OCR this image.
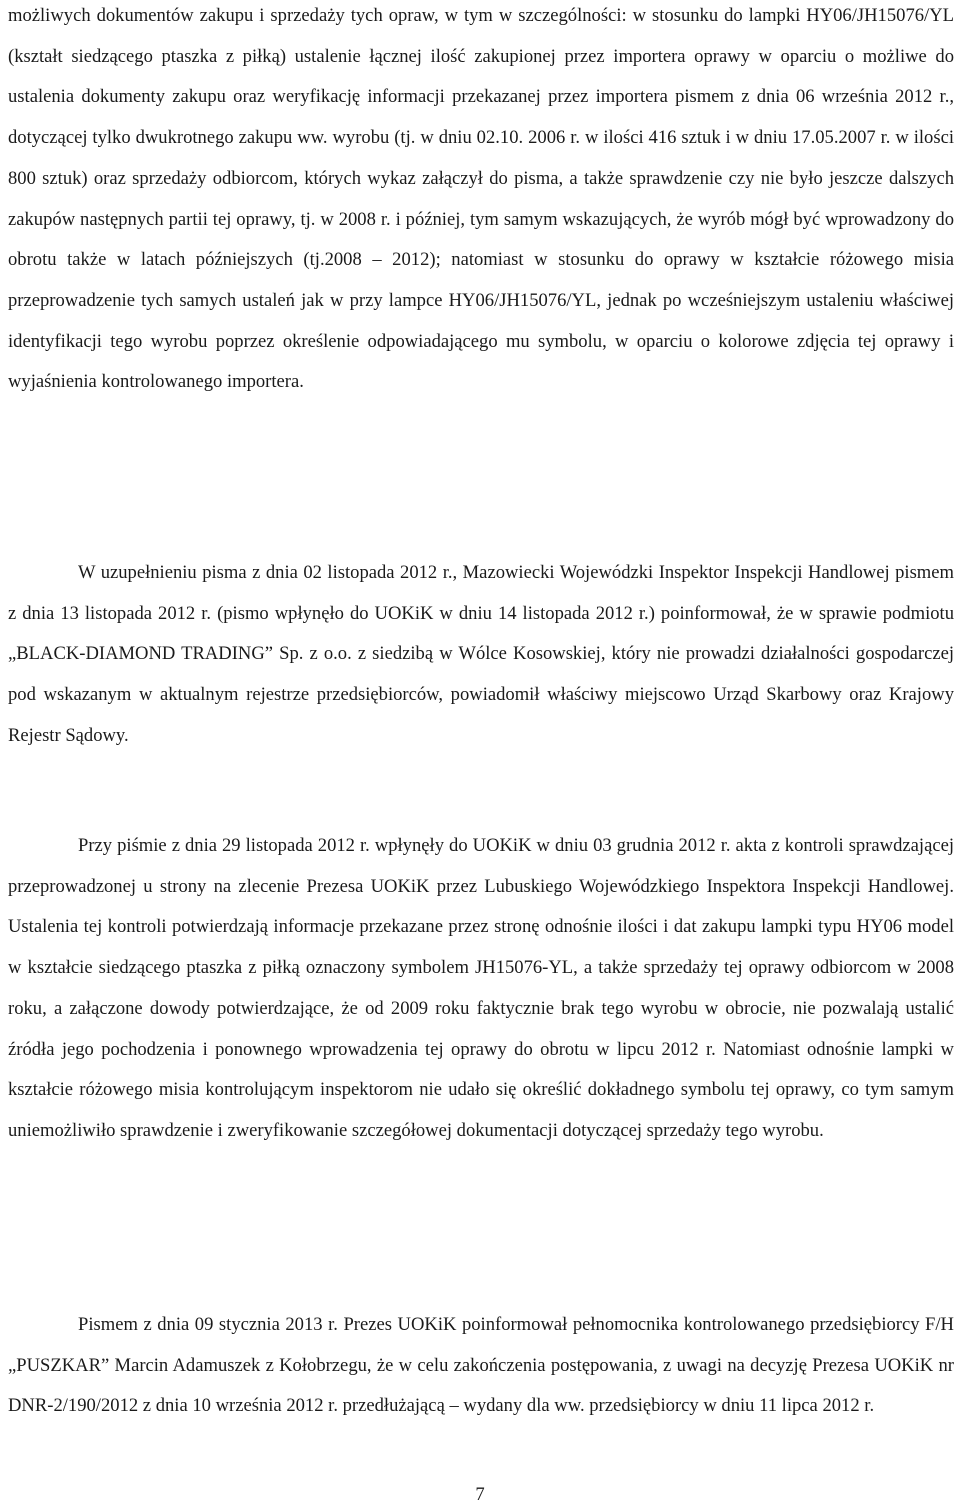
możliwych dokumentów zakupu i sprzedaży tych opraw, w tym w szczególności: w stosunku do lampki HY06/JH15076/YL (kształt siedzącego ptaszka z piłką) ustalenie łącznej ilość zakupionej przez importera oprawy w oparciu o możliwe do ustalenia dokumenty zakupu oraz weryfikację informacji przekazanej przez importera pismem z dnia 06 września 2012 r., dotyczącej tylko dwukrotnego zakupu ww. wyrobu (tj. w dniu 02.10. 2006 r. w ilości 416 sztuk i w dniu 17.05.2007 r. w ilości 800 sztuk) oraz sprzedaży odbiorcom, których wykaz załączył do pisma, a także sprawdzenie czy nie było jeszcze dalszych zakupów następnych partii tej oprawy, tj. w 2008 r. i później, tym samym wskazujących, że wyrób mógł być wprowadzony do obrotu także w latach późniejszych (tj.2008 – 2012); natomiast w stosunku do oprawy w kształcie różowego misia przeprowadzenie tych samych ustaleń jak w przy lampce HY06/JH15076/YL, jednak po wcześniejszym ustaleniu właściwej identyfikacji tego wyrobu poprzez określenie odpowiadającego mu symbolu, w oparciu o kolorowe zdjęcia tej oprawy i wyjaśnienia kontrolowanego importera.

W uzupełnieniu pisma z dnia 02 listopada 2012 r., Mazowiecki Wojewódzki Inspektor Inspekcji Handlowej pismem z dnia 13 listopada 2012 r. (pismo wpłynęło do UOKiK w dniu 14 listopada 2012 r.) poinformował, że w sprawie podmiotu „BLACK-DIAMOND TRADING” Sp. z o.o. z siedzibą w Wólce Kosowskiej, który nie prowadzi działalności gospodarczej pod wskazanym w aktualnym rejestrze przedsiębiorców, powiadomił właściwy miejscowo Urząd Skarbowy oraz Krajowy Rejestr Sądowy.

Przy piśmie z dnia 29 listopada 2012 r. wpłynęły do UOKiK w dniu 03 grudnia 2012 r. akta z kontroli sprawdzającej przeprowadzonej u strony na zlecenie Prezesa UOKiK przez Lubuskiego Wojewódzkiego Inspektora Inspekcji Handlowej. Ustalenia tej kontroli potwierdzają informacje przekazane przez stronę odnośnie ilości i dat zakupu lampki typu HY06 model w kształcie siedzącego ptaszka z piłką oznaczony symbolem JH15076-YL, a także sprzedaży tej oprawy odbiorcom w 2008 roku, a załączone dowody potwierdzające, że od 2009 roku faktycznie brak tego wyrobu w obrocie, nie pozwalają ustalić źródła jego pochodzenia i ponownego wprowadzenia tej oprawy do obrotu w lipcu 2012 r. Natomiast odnośnie lampki w kształcie różowego misia kontrolującym inspektorom nie udało się określić dokładnego symbolu tej oprawy, co tym samym uniemożliwiło sprawdzenie i zweryfikowanie szczegółowej dokumentacji dotyczącej sprzedaży tego wyrobu.

Pismem z dnia 09 stycznia 2013 r. Prezes UOKiK poinformował pełnomocnika kontrolowanego przedsiębiorcy F/H „PUSZKAR” Marcin Adamuszek z Kołobrzegu, że w celu zakończenia postępowania, z uwagi na decyzję Prezesa UOKiK nr DNR-2/190/2012 z dnia 10 września 2012 r. przedłużającą – wydany dla ww. przedsiębiorcy w dniu 11 lipca 2012 r.

7
